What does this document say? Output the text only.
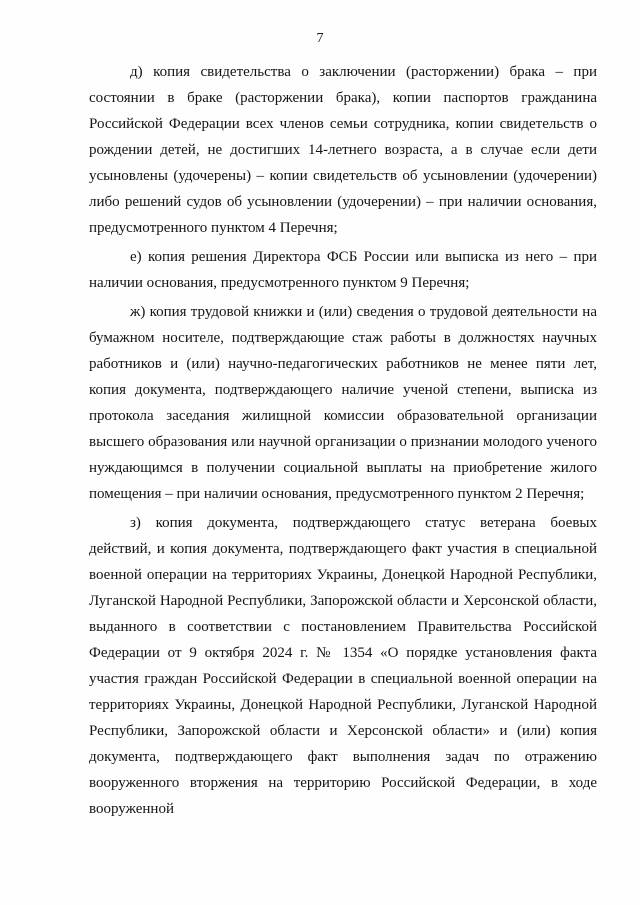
7

д) копия свидетельства о заключении (расторжении) брака – при состоянии в браке (расторжении брака), копии паспортов гражданина Российской Федерации всех членов семьи сотрудника, копии свидетельств о рождении детей, не достигших 14-летнего возраста, а в случае если дети усыновлены (удочерены) – копии свидетельств об усыновлении (удочерении) либо решений судов об усыновлении (удочерении) – при наличии основания, предусмотренного пунктом 4 Перечня;

е) копия решения Директора ФСБ России или выписка из него – при наличии основания, предусмотренного пунктом 9 Перечня;

ж) копия трудовой книжки и (или) сведения о трудовой деятельности на бумажном носителе, подтверждающие стаж работы в должностях научных работников и (или) научно-педагогических работников не менее пяти лет, копия документа, подтверждающего наличие ученой степени, выписка из протокола заседания жилищной комиссии образовательной организации высшего образования или научной организации о признании молодого ученого нуждающимся в получении социальной выплаты на приобретение жилого помещения – при наличии основания, предусмотренного пунктом 2 Перечня;

з) копия документа, подтверждающего статус ветерана боевых действий, и копия документа, подтверждающего факт участия в специальной военной операции на территориях Украины, Донецкой Народной Республики, Луганской Народной Республики, Запорожской области и Херсонской области, выданного в соответствии с постановлением Правительства Российской Федерации от 9 октября 2024 г. № 1354 «О порядке установления факта участия граждан Российской Федерации в специальной военной операции на территориях Украины, Донецкой Народной Республики, Луганской Народной Республики, Запорожской области и Херсонской области» и (или) копия документа, подтверждающего факт выполнения задач по отражению вооруженного вторжения на территорию Российской Федерации, в ходе вооруженной
